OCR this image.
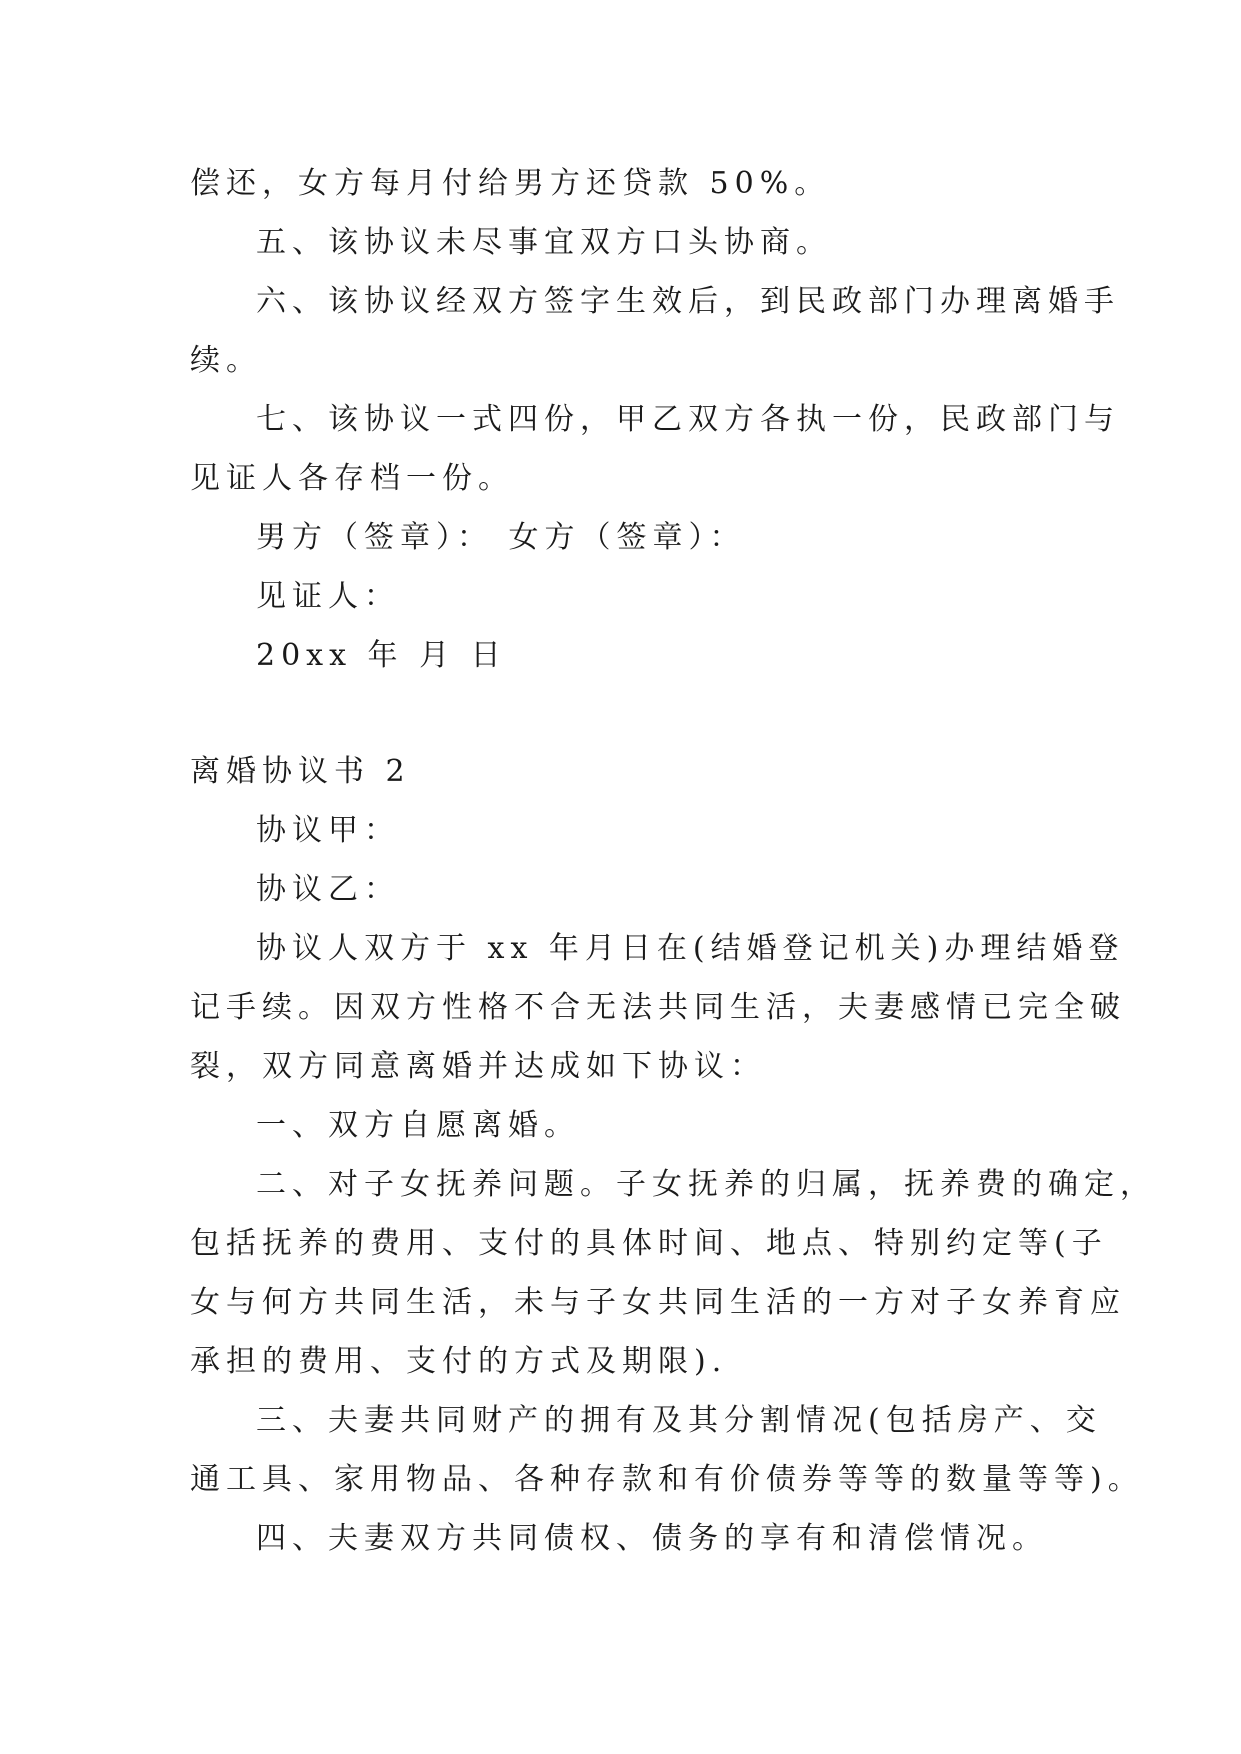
偿还，女方每月付给男方还贷款 50%。
五、该协议未尽事宜双方口头协商。
六、该协议经双方签字生效后，到民政部门办理离婚手
续。
七、该协议一式四份，甲乙双方各执一份，民政部门与
见证人各存档一份。
男方（签章）： 女方（签章）：
见证人：
20xx 年 月 日
离婚协议书 2
协议甲：
协议乙：
协议人双方于 xx 年月日在(结婚登记机关)办理结婚登
记手续。因双方性格不合无法共同生活，夫妻感情已完全破
裂，双方同意离婚并达成如下协议：
一、双方自愿离婚。
二、对子女抚养问题。子女抚养的归属，抚养费的确定，
包括抚养的费用、支付的具体时间、地点、特别约定等(子
女与何方共同生活，未与子女共同生活的一方对子女养育应
承担的费用、支付的方式及期限).
三、夫妻共同财产的拥有及其分割情况(包括房产、交
通工具、家用物品、各种存款和有价债券等等的数量等等)。
四、夫妻双方共同债权、债务的享有和清偿情况。
